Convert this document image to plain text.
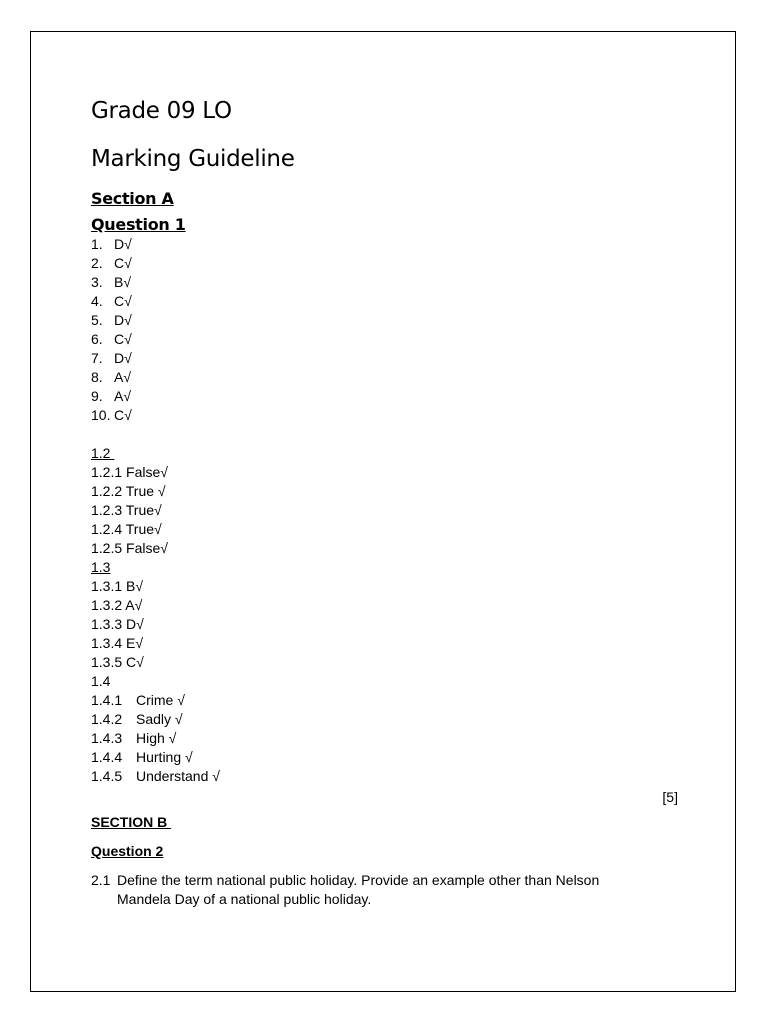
Grade 09 LO
Marking Guideline
Section A
Question 1
1. D√
2. C√
3. B√
4. C√
5. D√
6. C√
7. D√
8. A√
9. A√
10. C√
1.2
1.2.1 False√
1.2.2 True √
1.2.3 True√
1.2.4 True√
1.2.5 False√
1.3
1.3.1 B√
1.3.2 A√
1.3.3 D√
1.3.4 E√
1.3.5 C√
1.4
1.4.1 Crime √
1.4.2 Sadly √
1.4.3 High √
1.4.4 Hurting √
1.4.5 Understand √
[5]
SECTION B
Question 2
2.1 Define the term national public holiday. Provide an example other than Nelson Mandela Day of a national public holiday.
